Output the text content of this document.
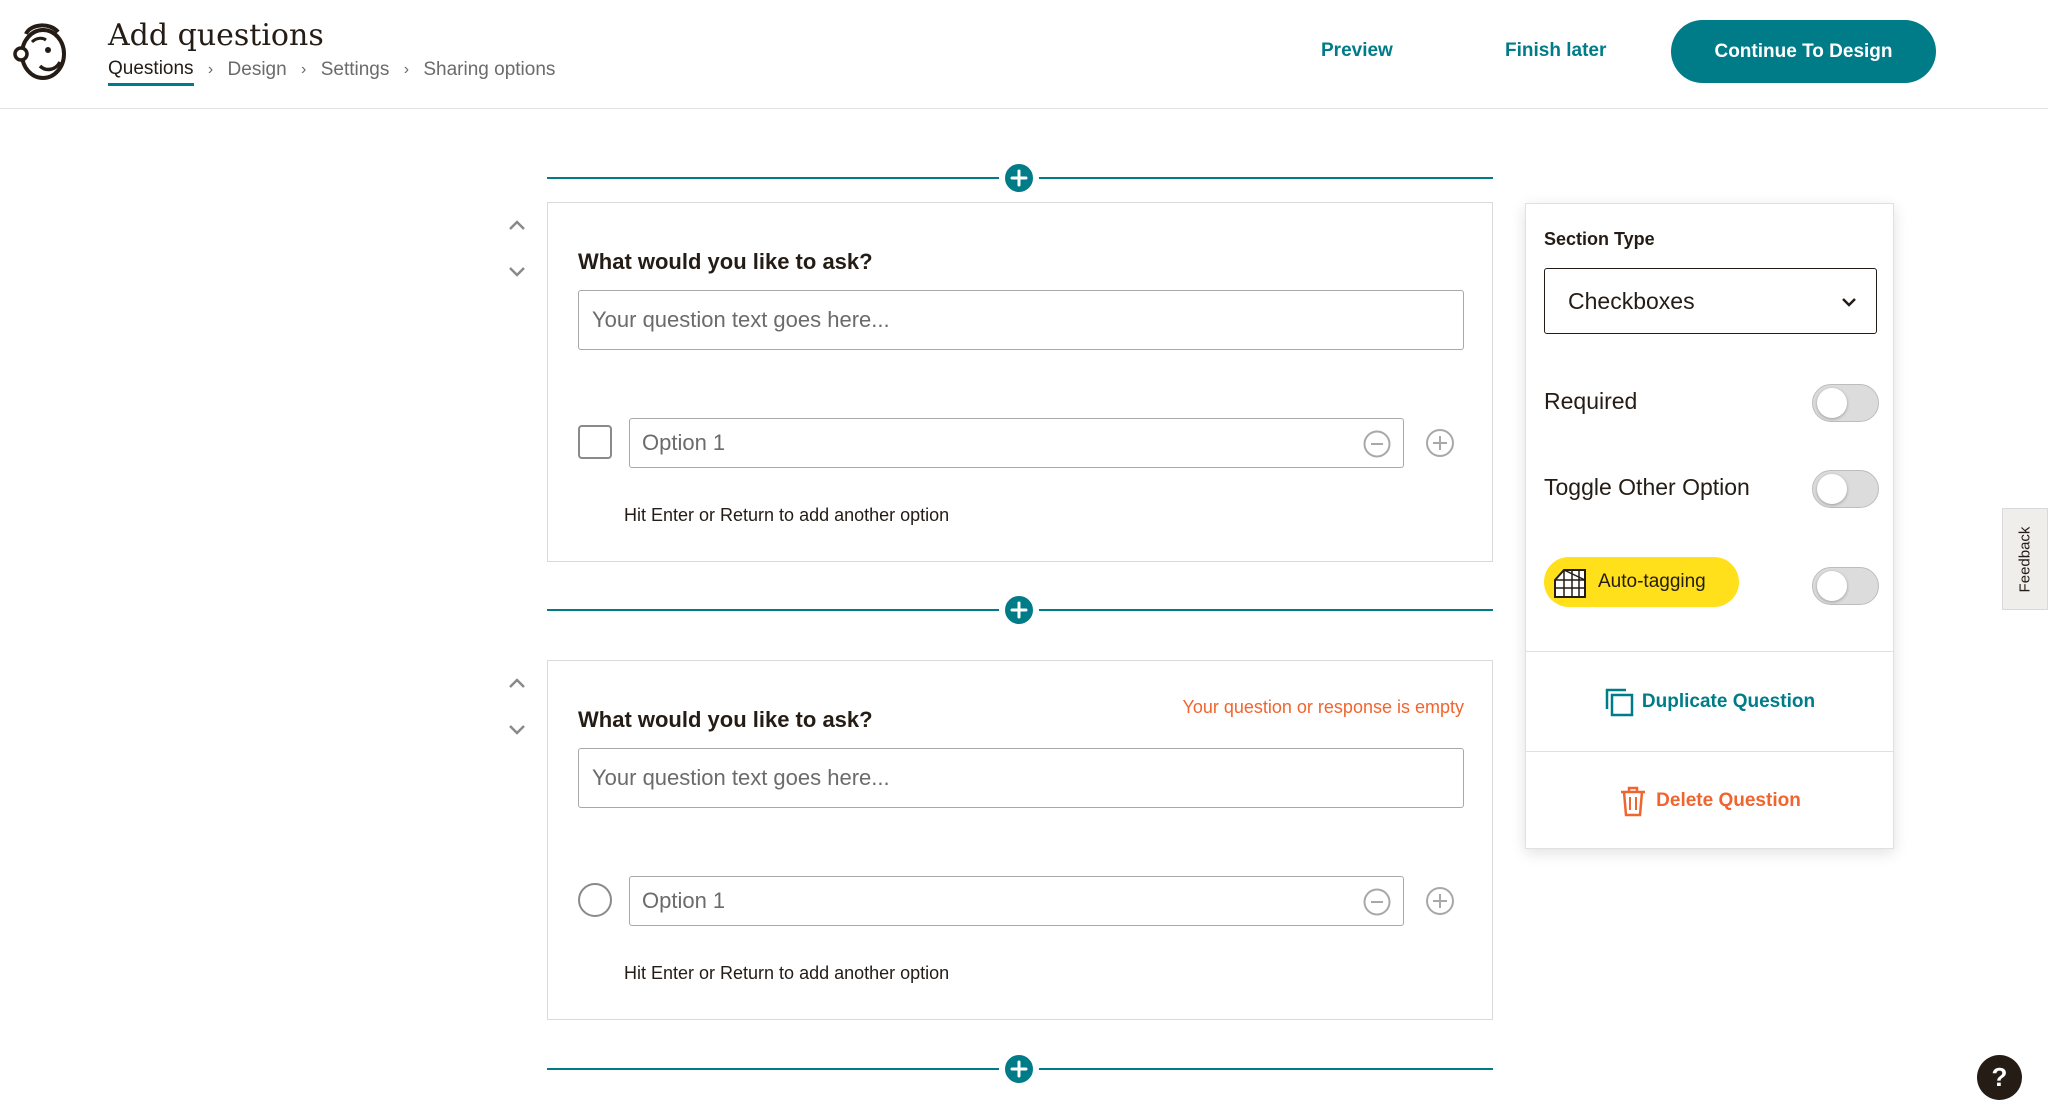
Add questions
Questions › Design › Settings › Sharing options
Preview	Finish later	Continue To Design
What would you like to ask?
Your question text goes here...
Option 1
Hit Enter or Return to add another option
What would you like to ask?	Your question or response is empty
Your question text goes here...
Option 1
Hit Enter or Return to add another option
Section Type
Checkboxes
Required
Toggle Other Option
Auto-tagging
Duplicate Question
Delete Question
Feedback
?
